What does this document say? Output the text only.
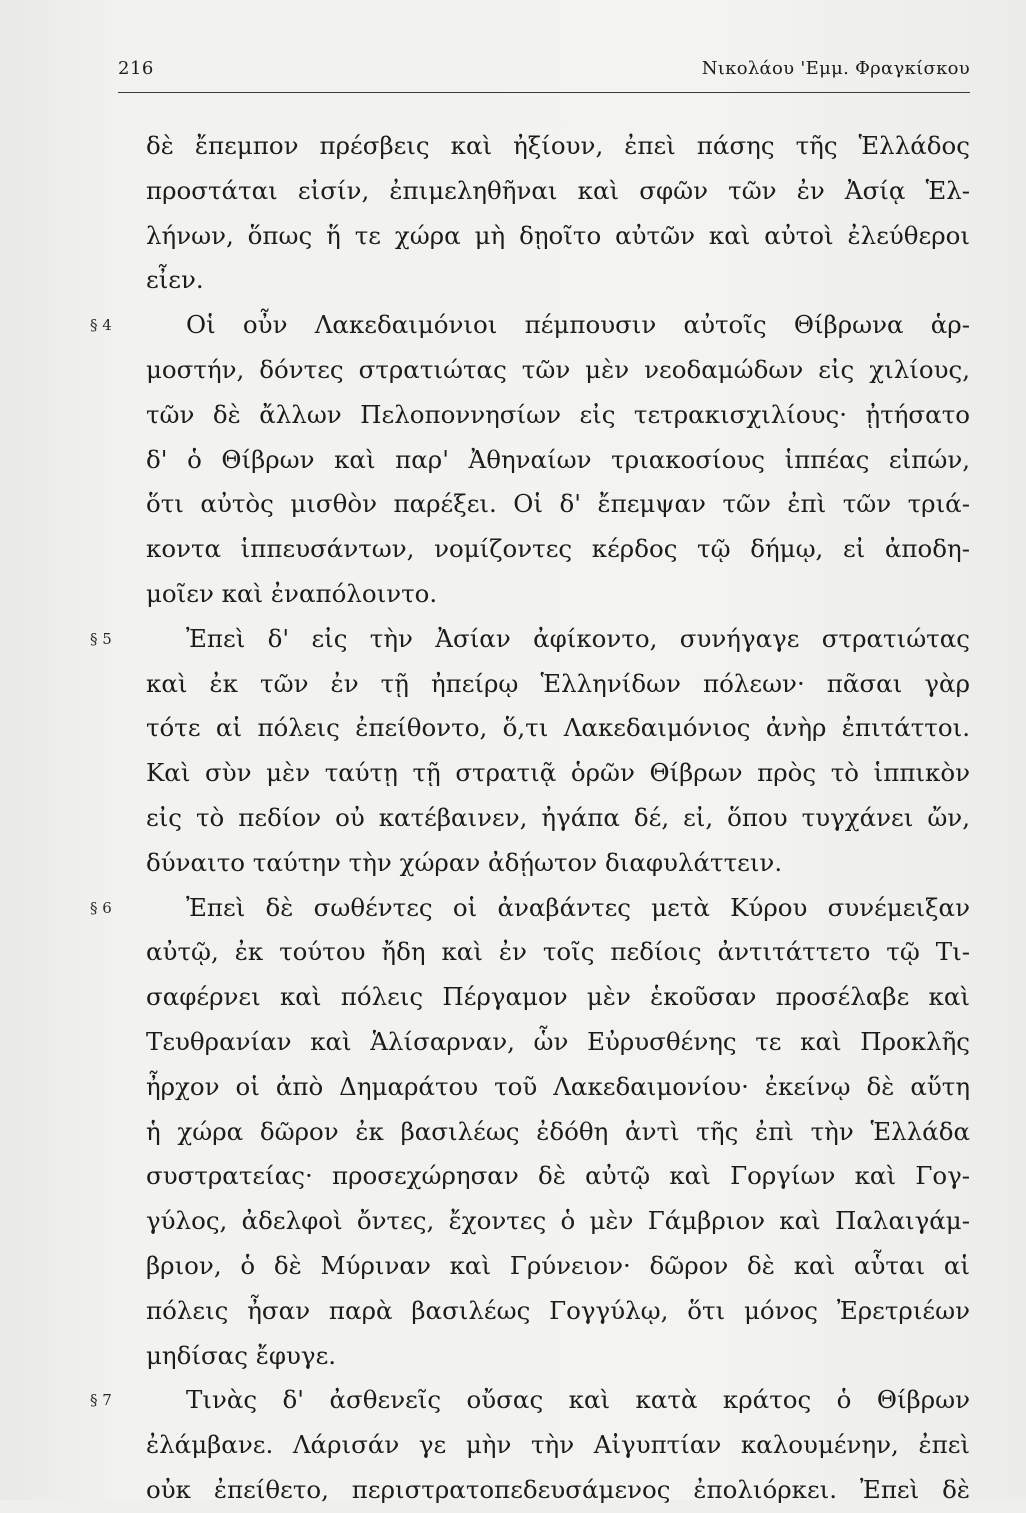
216	Νικολάου 'Εμμ. Φραγκίσκου
δὲ ἔπεμπον πρέσβεις καὶ ἠξίουν, ἐπεὶ πάσης τῆς Ἑλλάδος
προστάται εἰσίν, ἐπιμεληθῆναι καὶ σφῶν τῶν ἐν Ἀσίᾳ Ἑλ-
λήνων, ὅπως ἥ τε χώρα μὴ δῃοῖτο αὐτῶν καὶ αὐτοὶ ἐλεύθεροι
εἶεν.
§ 4	Οἱ οὖν Λακεδαιμόνιοι πέμπουσιν αὐτοῖς Θίβρωνα ἁρ-
μοστήν, δόντες στρατιώτας τῶν μὲν νεοδαμώδων εἰς χιλίους,
τῶν δὲ ἄλλων Πελοποννησίων εἰς τετρακισχιλίους· ᾐτήσατο
δ' ὁ Θίβρων καὶ παρ' Ἀθηναίων τριακοσίους ἱππέας εἰπών,
ὅτι αὐτὸς μισθὸν παρέξει. Οἱ δ' ἔπεμψαν τῶν ἐπὶ τῶν τριά-
κοντα ἱππευσάντων, νομίζοντες κέρδος τῷ δήμῳ, εἰ ἀποδη-
μοῖεν καὶ ἐναπόλοιντο.
§ 5	Ἐπεὶ δ' εἰς τὴν Ἀσίαν ἀφίκοντο, συνήγαγε στρατιώτας
καὶ ἐκ τῶν ἐν τῇ ἠπείρῳ Ἑλληνίδων πόλεων· πᾶσαι γὰρ
τότε αἱ πόλεις ἐπείθοντο, ὅ,τι Λακεδαιμόνιος ἀνὴρ ἐπιτάττοι.
Καὶ σὺν μὲν ταύτῃ τῇ στρατιᾷ ὁρῶν Θίβρων πρὸς τὸ ἱππικὸν
εἰς τὸ πεδίον οὐ κατέβαινεν, ἠγάπα δέ, εἰ, ὅπου τυγχάνει ὤν,
δύναιτο ταύτην τὴν χώραν ἀδῄωτον διαφυλάττειν.
§ 6	Ἐπεὶ δὲ σωθέντες οἱ ἀναβάντες μετὰ Κύρου συνέμειξαν
αὐτῷ, ἐκ τούτου ἤδη καὶ ἐν τοῖς πεδίοις ἀντιτάττετο τῷ Τι-
σαφέρνει καὶ πόλεις Πέργαμον μὲν ἑκοῦσαν προσέλαβε καὶ
Τευθρανίαν καὶ Ἁλίσαρναν, ὧν Εὐρυσθένης τε καὶ Προκλῆς
ἦρχον οἱ ἀπὸ Δημαράτου τοῦ Λακεδαιμονίου· ἐκείνῳ δὲ αὕτη
ἡ χώρα δῶρον ἐκ βασιλέως ἐδόθη ἀντὶ τῆς ἐπὶ τὴν Ἑλλάδα
συστρατείας· προσεχώρησαν δὲ αὐτῷ καὶ Γοργίων καὶ Γογ-
γύλος, ἀδελφοὶ ὄντες, ἔχοντες ὁ μὲν Γάμβριον καὶ Παλαιγάμ-
βριον, ὁ δὲ Μύριναν καὶ Γρύνειον· δῶρον δὲ καὶ αὗται αἱ
πόλεις ἦσαν παρὰ βασιλέως Γογγύλῳ, ὅτι μόνος Ἐρετριέων
μηδίσας ἔφυγε.
§ 7	Τινὰς δ' ἀσθενεῖς οὔσας καὶ κατὰ κράτος ὁ Θίβρων
ἐλάμβανε. Λάρισάν γε μὴν τὴν Αἰγυπτίαν καλουμένην, ἐπεὶ
οὐκ ἐπείθετο, περιστρατοπεδευσάμενος ἐπολιόρκει. Ἐπεὶ δὲ
